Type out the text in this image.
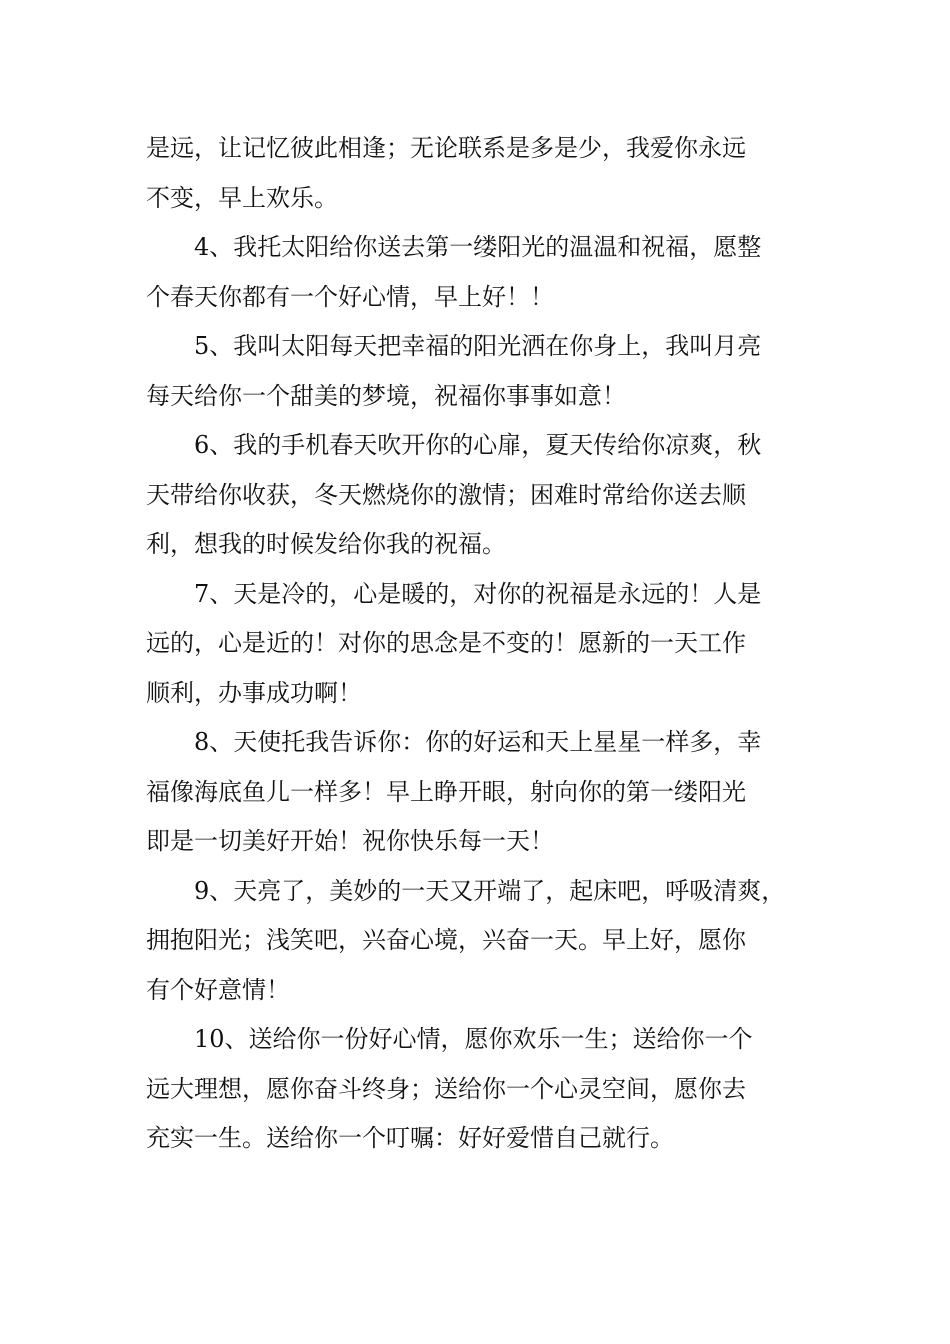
是远，让记忆彼此相逢；无论联系是多是少，我爱你永远
不变，早上欢乐。
4、我托太阳给你送去第一缕阳光的温温和祝福，愿整
个春天你都有一个好心情，早上好！！
5、我叫太阳每天把幸福的阳光洒在你身上，我叫月亮
每天给你一个甜美的梦境，祝福你事事如意！
6、我的手机春天吹开你的心扉，夏天传给你凉爽，秋
天带给你收获，冬天燃烧你的激情；困难时常给你送去顺
利，想我的时候发给你我的祝福。
7、天是冷的，心是暖的，对你的祝福是永远的！人是
远的，心是近的！对你的思念是不变的！愿新的一天工作
顺利，办事成功啊！
8、天使托我告诉你：你的好运和天上星星一样多，幸
福像海底鱼儿一样多！早上睁开眼，射向你的第一缕阳光
即是一切美好开始！祝你快乐每一天！
9、天亮了，美妙的一天又开端了，起床吧，呼吸清爽，
拥抱阳光；浅笑吧，兴奋心境，兴奋一天。早上好，愿你
有个好意情！
10、送给你一份好心情，愿你欢乐一生；送给你一个
远大理想，愿你奋斗终身；送给你一个心灵空间，愿你去
充实一生。送给你一个叮嘱：好好爱惜自己就行。
